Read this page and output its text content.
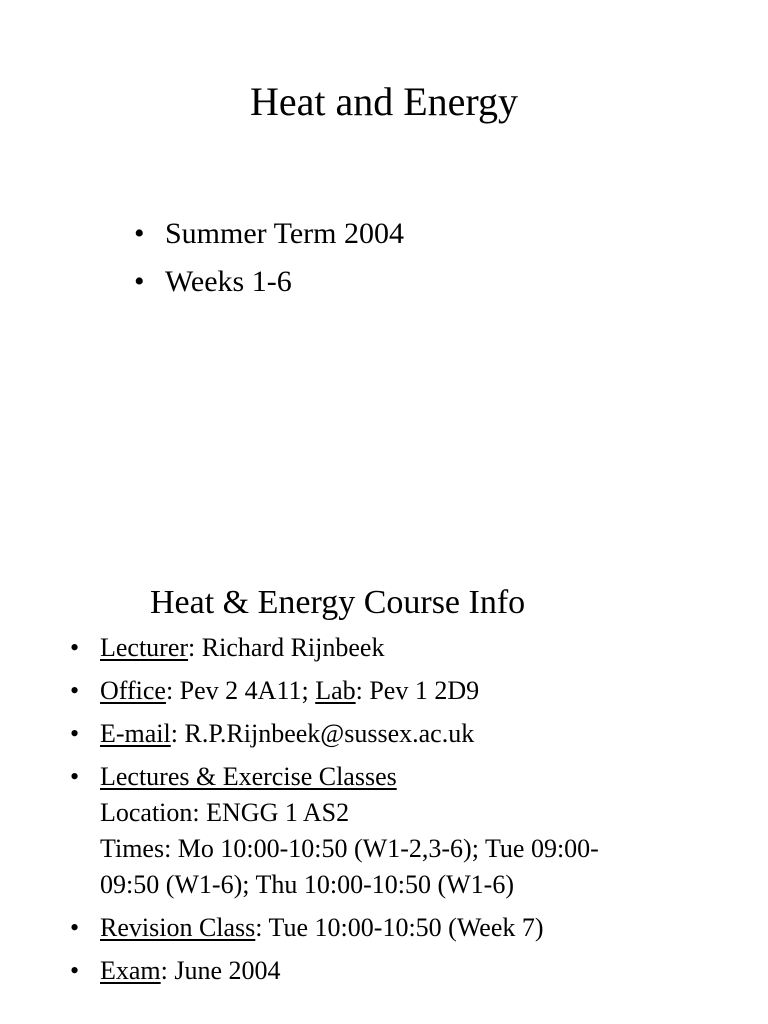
Heat and Energy
• Summer Term 2004
• Weeks 1-6
Heat & Energy Course Info
• Lecturer: Richard Rijnbeek
• Office: Pev 2 4A11; Lab: Pev 1 2D9
• E-mail: R.P.Rijnbeek@sussex.ac.uk
• Lectures & Exercise Classes
Location: ENGG 1 AS2
Times: Mo 10:00-10:50 (W1-2,3-6); Tue 09:00-
09:50 (W1-6); Thu 10:00-10:50 (W1-6)
• Revision Class: Tue 10:00-10:50 (Week 7)
• Exam: June 2004
